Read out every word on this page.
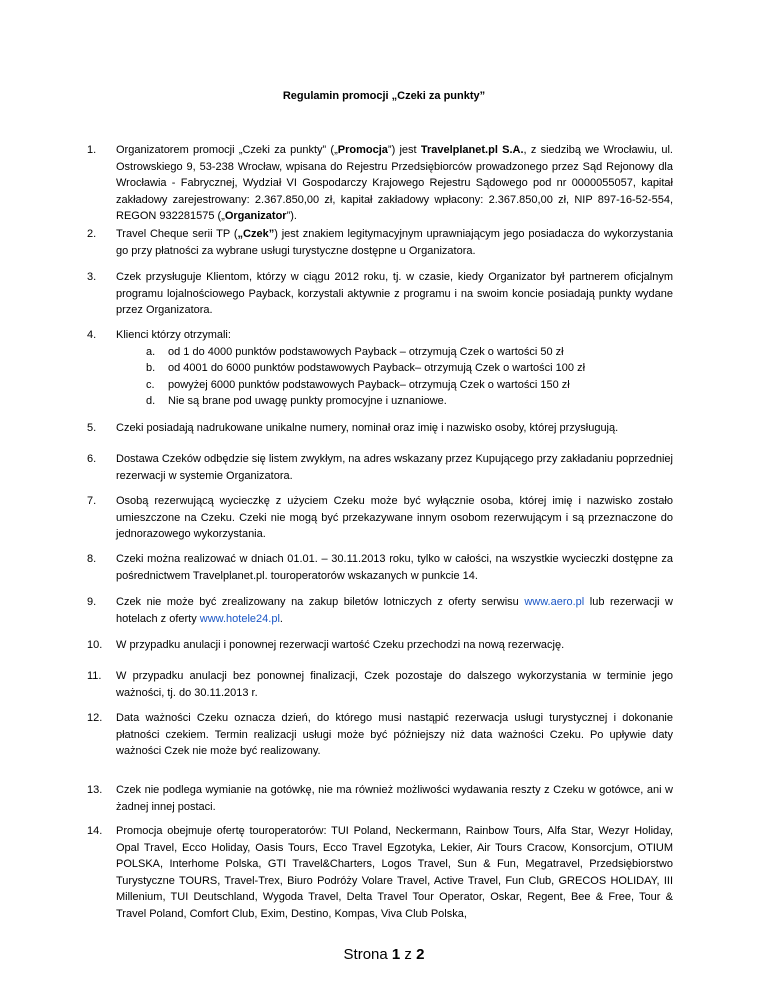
Regulamin promocji „Czeki za punkty”
1.	Organizatorem promocji „Czeki za punkty” („Promocja”) jest Travelplanet.pl S.A., z siedzibą we Wrocławiu, ul. Ostrowskiego 9, 53-238 Wrocław, wpisana do Rejestru Przedsiębiorców prowadzonego przez Sąd Rejonowy dla Wrocławia - Fabrycznej, Wydział VI Gospodarczy Krajowego Rejestru Sądowego pod nr 0000055057, kapitał zakładowy zarejestrowany: 2.367.850,00 zł, kapitał zakładowy wpłacony: 2.367.850,00 zł, NIP 897-16-52-554, REGON 932281575 („Organizator”).
2.	Travel Cheque serii TP („Czek”) jest znakiem legitymacyjnym uprawniającym jego posiadacza do wykorzystania go przy płatności za wybrane usługi turystyczne dostępne u Organizatora.
3.	Czek przysługuje Klientom, którzy w ciągu 2012 roku, tj. w czasie, kiedy Organizator był partnerem oficjalnym programu lojalnościowego Payback, korzystali aktywnie z programu i na swoim koncie posiadają punkty wydane przez Organizatora.
4.	Klienci którzy otrzymali:
a. od 1 do 4000 punktów podstawowych Payback – otrzymują Czek o wartości 50 zł
b. od 4001 do 6000 punktów podstawowych Payback– otrzymują Czek o wartości 100 zł
c. powyżej 6000 punktów podstawowych Payback– otrzymują Czek o wartości 150 zł
d. Nie są brane pod uwagę punkty promocyjne i uznaniowe.
5.	Czeki posiadają nadrukowane unikalne numery, nominał oraz imię i nazwisko osoby, której przysługują.
6.	Dostawa Czeków odbędzie się listem zwykłym, na adres wskazany przez Kupującego przy zakładaniu poprzedniej rezerwacji w systemie Organizatora.
7.	Osobą rezerwującą wycieczkę z użyciem Czeku może być wyłącznie osoba, której imię i nazwisko zostało umieszczone na Czeku. Czeki nie mogą być przekazywane innym osobom rezerwującym i są przeznaczone do jednorazowego wykorzystania.
8.	Czeki można realizować w dniach 01.01. – 30.11.2013 roku, tylko w całości, na wszystkie wycieczki dostępne za pośrednictwem Travelplanet.pl. touroperatorów wskazanych w punkcie 14.
9.	Czek nie może być zrealizowany na zakup biletów lotniczych z oferty serwisu www.aero.pl lub rezerwacji w hotelach z oferty www.hotele24.pl.
10.	W przypadku anulacji i ponownej rezerwacji wartość Czeku przechodzi na nową rezerwację.
11.	W przypadku anulacji bez ponownej finalizacji, Czek pozostaje do dalszego wykorzystania w terminie jego ważności, tj. do 30.11.2013 r.
12.	Data ważności Czeku oznacza dzień, do którego musi nastąpić rezerwacja usługi turystycznej i dokonanie płatności czekiem. Termin realizacji usługi może być późniejszy niż data ważności Czeku. Po upływie daty ważności Czek nie może być realizowany.
13.	Czek nie podlega wymianie na gotówkę, nie ma również możliwości wydawania reszty z Czeku w gotówce, ani w żadnej innej postaci.
14.	Promocja obejmuje ofertę touroperatorów: TUI Poland, Neckermann, Rainbow Tours, Alfa Star, Wezyr Holiday, Opal Travel, Ecco Holiday, Oasis Tours, Ecco Travel Egzotyka, Lekier, Air Tours Cracow, Konsorcjum, OTIUM POLSKA, Interhome Polska, GTI Travel&Charters, Logos Travel, Sun & Fun, Megatravel, Przedsiębiorstwo Turystyczne TOURS, Travel-Trex, Biuro Podróży Volare Travel, Active Travel, Fun Club, GRECOS HOLIDAY, III Millenium, TUI Deutschland, Wygoda Travel, Delta Travel Tour Operator, Oskar, Regent, Bee & Free, Tour & Travel Poland, Comfort Club, Exim, Destino, Kompas, Viva Club Polska,
Strona 1 z 2
